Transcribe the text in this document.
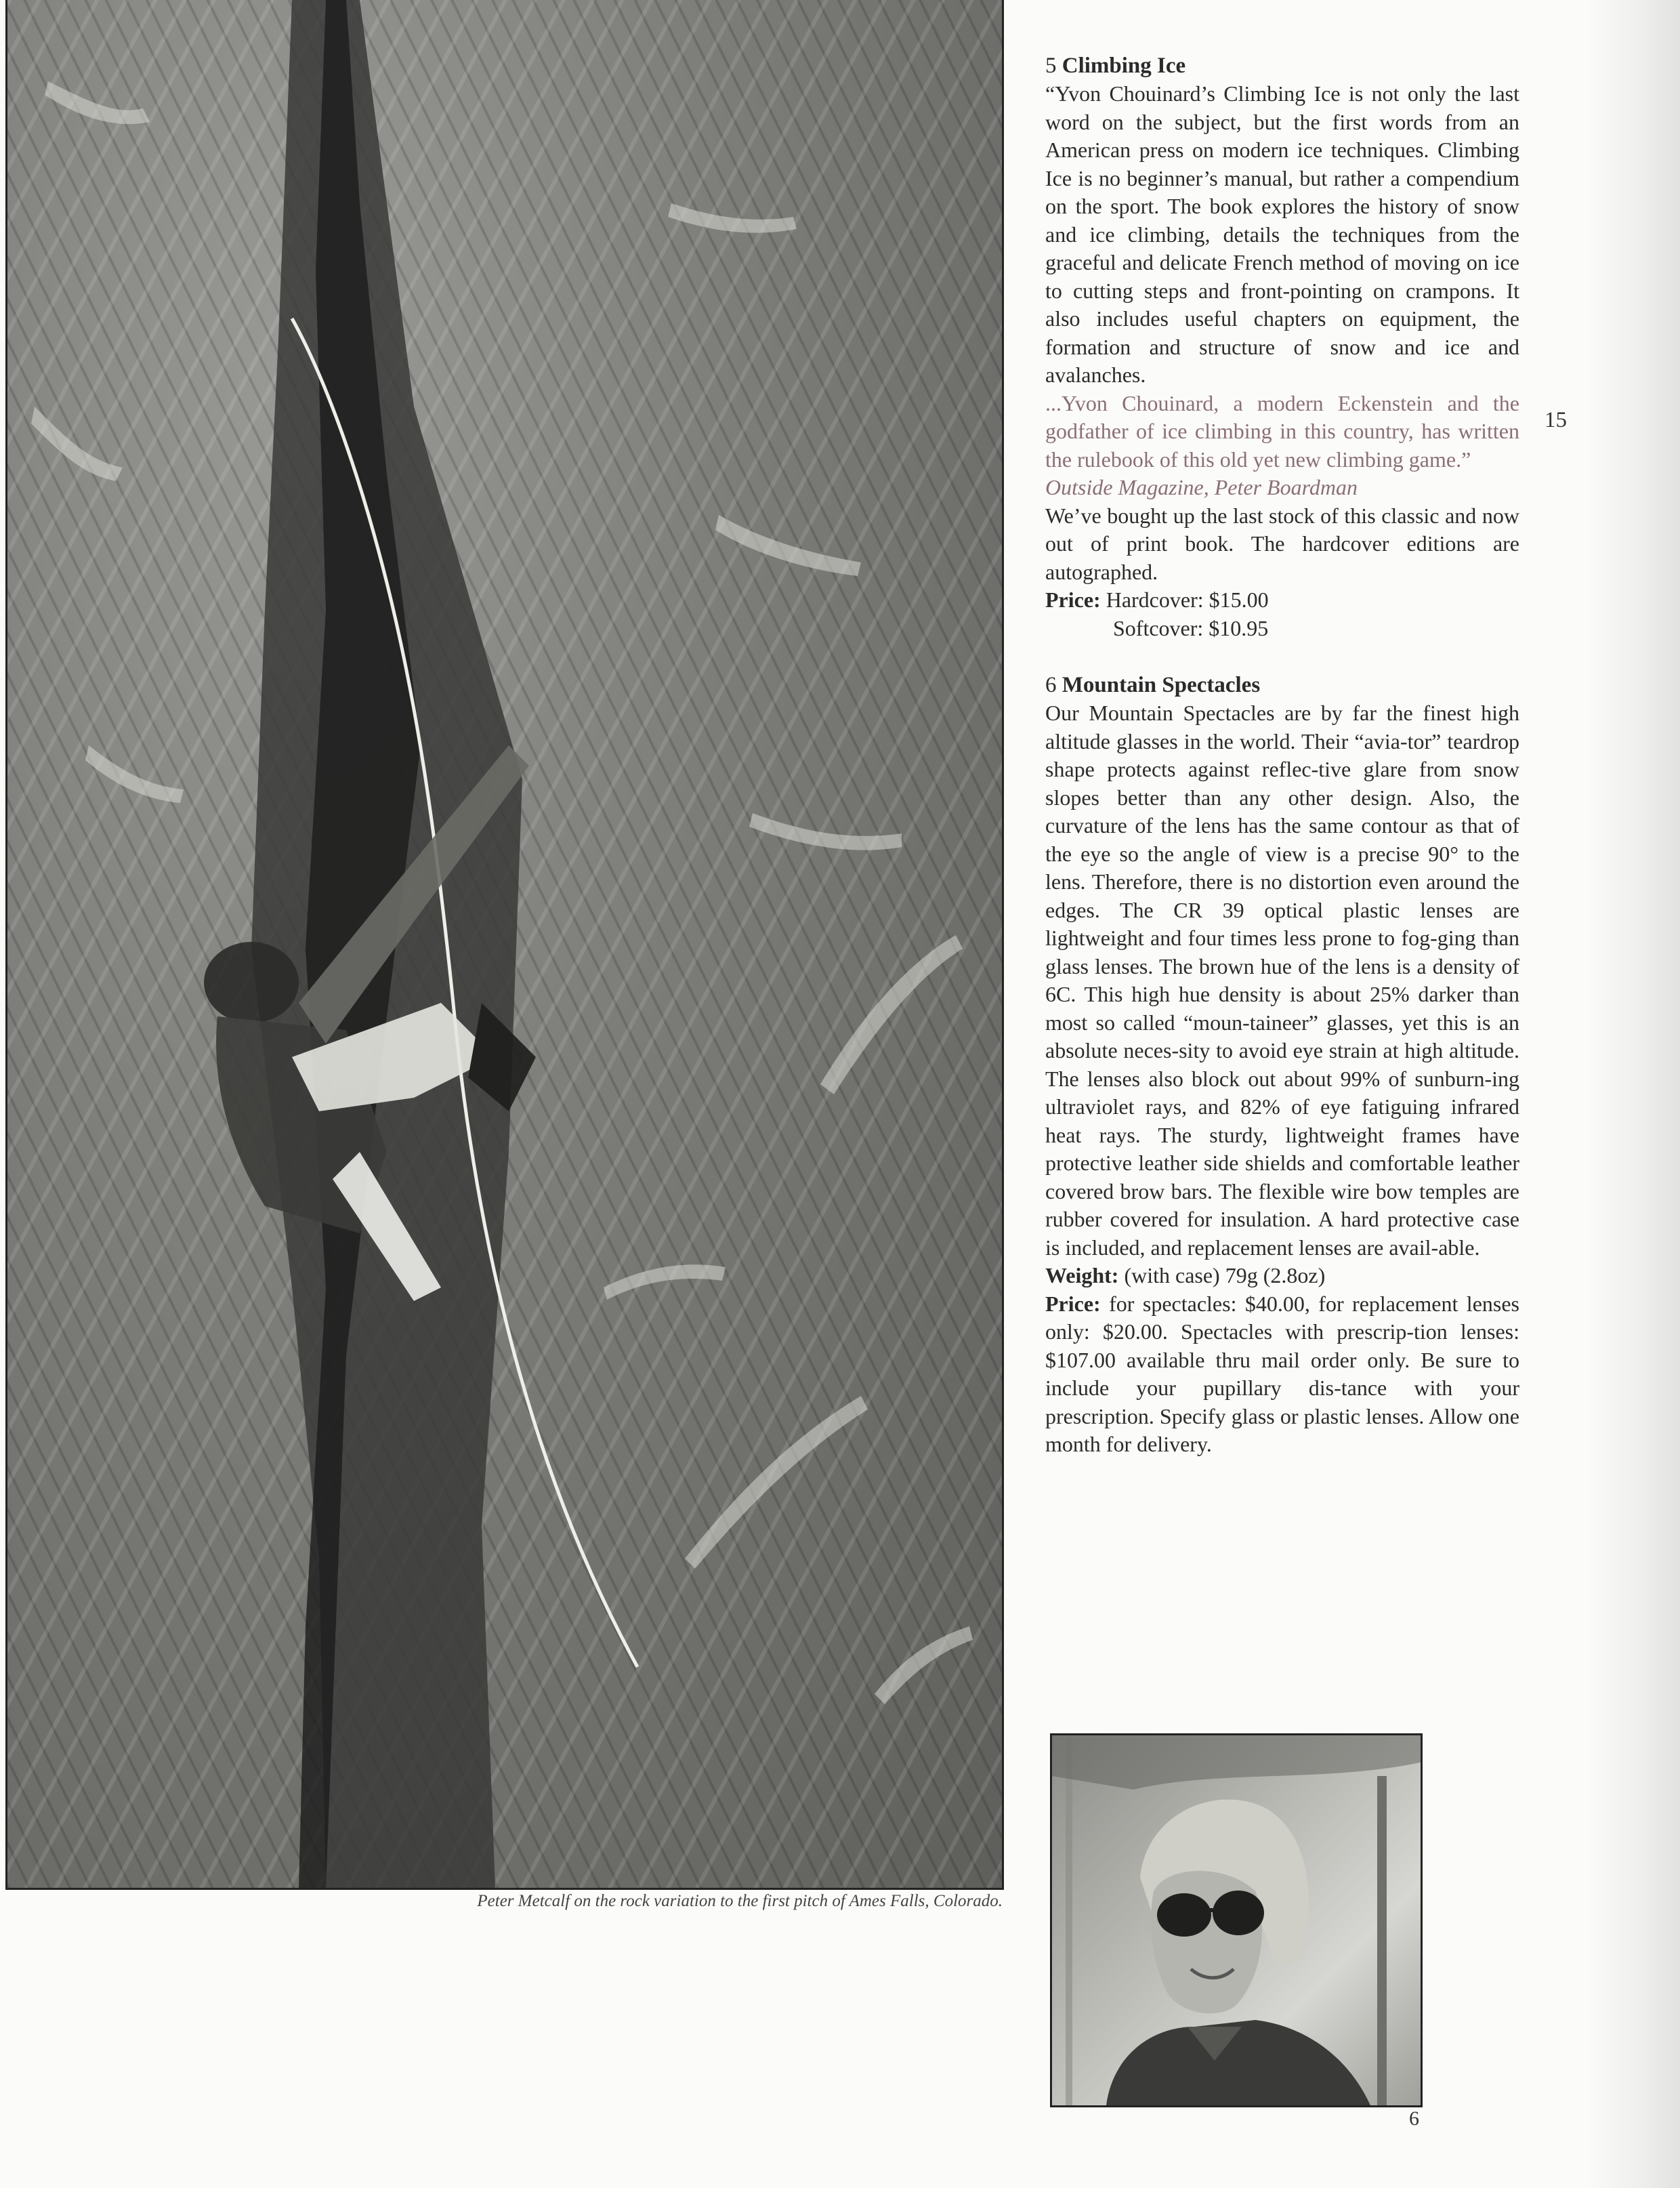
Peter Metcalf on the rock variation to the first pitch of Ames Falls, Colorado.
15
5 Climbing Ice

“Yvon Chouinard’s Climbing Ice is not only the last word on the subject, but the first words from an American press on modern ice techniques. Climbing Ice is no beginner’s manual, but rather a compendium on the sport. The book explores the history of snow and ice climbing, details the techniques from the graceful and delicate French method of moving on ice to cutting steps and front-pointing on crampons. It also includes useful chapters on equipment, the formation and structure of snow and ice and avalanches.

...Yvon Chouinard, a modern Eckenstein and the godfather of ice climbing in this country, has written the rulebook of this old yet new climbing game.”

Outside Magazine, Peter Boardman

We’ve bought up the last stock of this classic and now out of print book. The hardcover editions are autographed.

Price: Hardcover: $15.00

Softcover: $10.95

6 Mountain Spectacles

Our Mountain Spectacles are by far the finest high altitude glasses in the world. Their “avia-tor” teardrop shape protects against reflec-tive glare from snow slopes better than any other design. Also, the curvature of the lens has the same contour as that of the eye so the angle of view is a precise 90° to the lens. Therefore, there is no distortion even around the edges. The CR 39 optical plastic lenses are lightweight and four times less prone to fog-ging than glass lenses. The brown hue of the lens is a density of 6C. This high hue density is about 25% darker than most so called “moun-taineer” glasses, yet this is an absolute neces-sity to avoid eye strain at high altitude. The lenses also block out about 99% of sunburn-ing ultraviolet rays, and 82% of eye fatiguing infrared heat rays. The sturdy, lightweight frames have protective leather side shields and comfortable leather covered brow bars. The flexible wire bow temples are rubber covered for insulation. A hard protective case is included, and replacement lenses are avail-able.

Weight: (with case) 79g (2.8oz)

Price: for spectacles: $40.00, for replacement lenses only: $20.00. Spectacles with prescrip-tion lenses: $107.00 available thru mail order only. Be sure to include your pupillary dis-tance with your prescription. Specify glass or plastic lenses. Allow one month for delivery.

6
